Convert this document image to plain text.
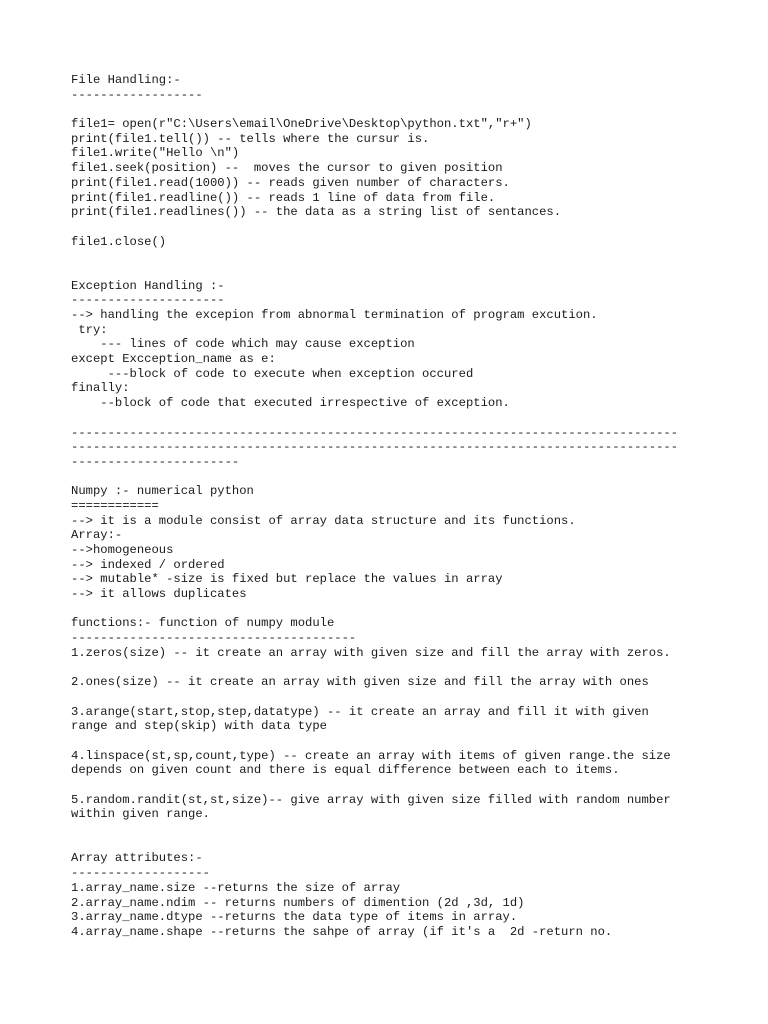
File Handling:-
------------------
file1= open(r"C:\Users\email\OneDrive\Desktop\python.txt","r+")
print(file1.tell()) -- tells where the cursur is.
file1.write("Hello \n")
file1.seek(position) --  moves the cursor to given position
print(file1.read(1000)) -- reads given number of characters.
print(file1.readline()) -- reads 1 line of data from file.
print(file1.readlines()) -- the data as a string list of sentances.
file1.close()
Exception Handling :-
---------------------
--> handling the excepion from abnormal termination of program excution.
try:
--- lines of code which may cause exception
except Excception_name as e:
---block of code to execute when exception occured
finally:
--block of code that executed irrespective of exception.
-----------------------------------------------------------------------------------
-----------------------------------------------------------------------------------
-----------------------
Numpy :- numerical python
============
--> it is a module consist of array data structure and its functions.
Array:-
-->homogeneous
--> indexed / ordered
--> mutable* -size is fixed but replace the values in array
--> it allows duplicates
functions:- function of numpy module
---------------------------------------
1.zeros(size) -- it create an array with given size and fill the array with zeros.
2.ones(size) -- it create an array with given size and fill the array with ones
3.arange(start,stop,step,datatype) -- it create an array and fill it with given
range and step(skip) with data type
4.linspace(st,sp,count,type) -- create an array with items of given range.the size
depends on given count and there is equal difference between each to items.
5.random.randit(st,st,size)-- give array with given size filled with random number
within given range.
Array attributes:-
-------------------
1.array_name.size --returns the size of array
2.array_name.ndim -- returns numbers of dimention (2d ,3d, 1d)
3.array_name.dtype --returns the data type of items in array.
4.array_name.shape --returns the sahpe of array (if it's a  2d -return no.
